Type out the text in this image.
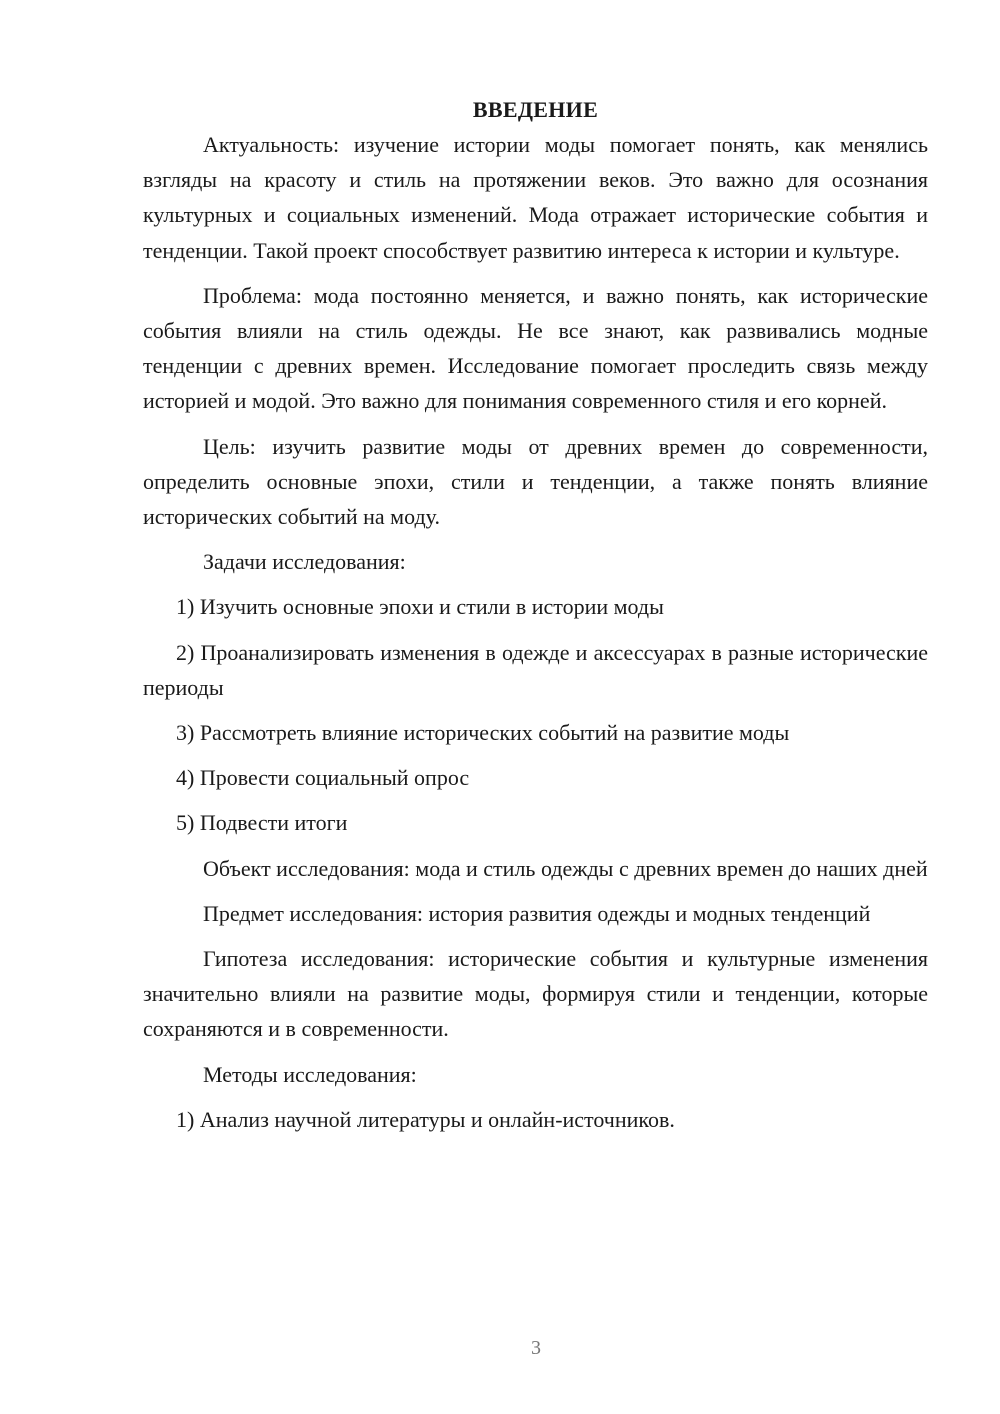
ВВЕДЕНИЕ

Актуальность: изучение истории моды помогает понять, как менялись взгляды на красоту и стиль на протяжении веков. Это важно для осознания культурных и социальных изменений. Мода отражает исторические события и тенденции. Такой проект способствует развитию интереса к истории и культуре.

Проблема: мода постоянно меняется, и важно понять, как исторические события влияли на стиль одежды. Не все знают, как развивались модные тенденции с древних времен. Исследование помогает проследить связь между историей и модой. Это важно для понимания современного стиля и его корней.

Цель: изучить развитие моды от древних времен до современности, определить основные эпохи, стили и тенденции, а также понять влияние исторических событий на моду.

Задачи исследования:

1) Изучить основные эпохи и стили в истории моды

2) Проанализировать изменения в одежде и аксессуарах в разные исторические периоды

3) Рассмотреть влияние исторических событий на развитие моды

4) Провести социальный опрос

5) Подвести итоги

Объект исследования: мода и стиль одежды с древних времен до наших дней

Предмет исследования: история развития одежды и модных тенденций

Гипотеза исследования: исторические события и культурные изменения значительно влияли на развитие моды, формируя стили и тенденции, которые сохраняются и в современности.

Методы исследования:

1) Анализ научной литературы и онлайн-источников.

3
